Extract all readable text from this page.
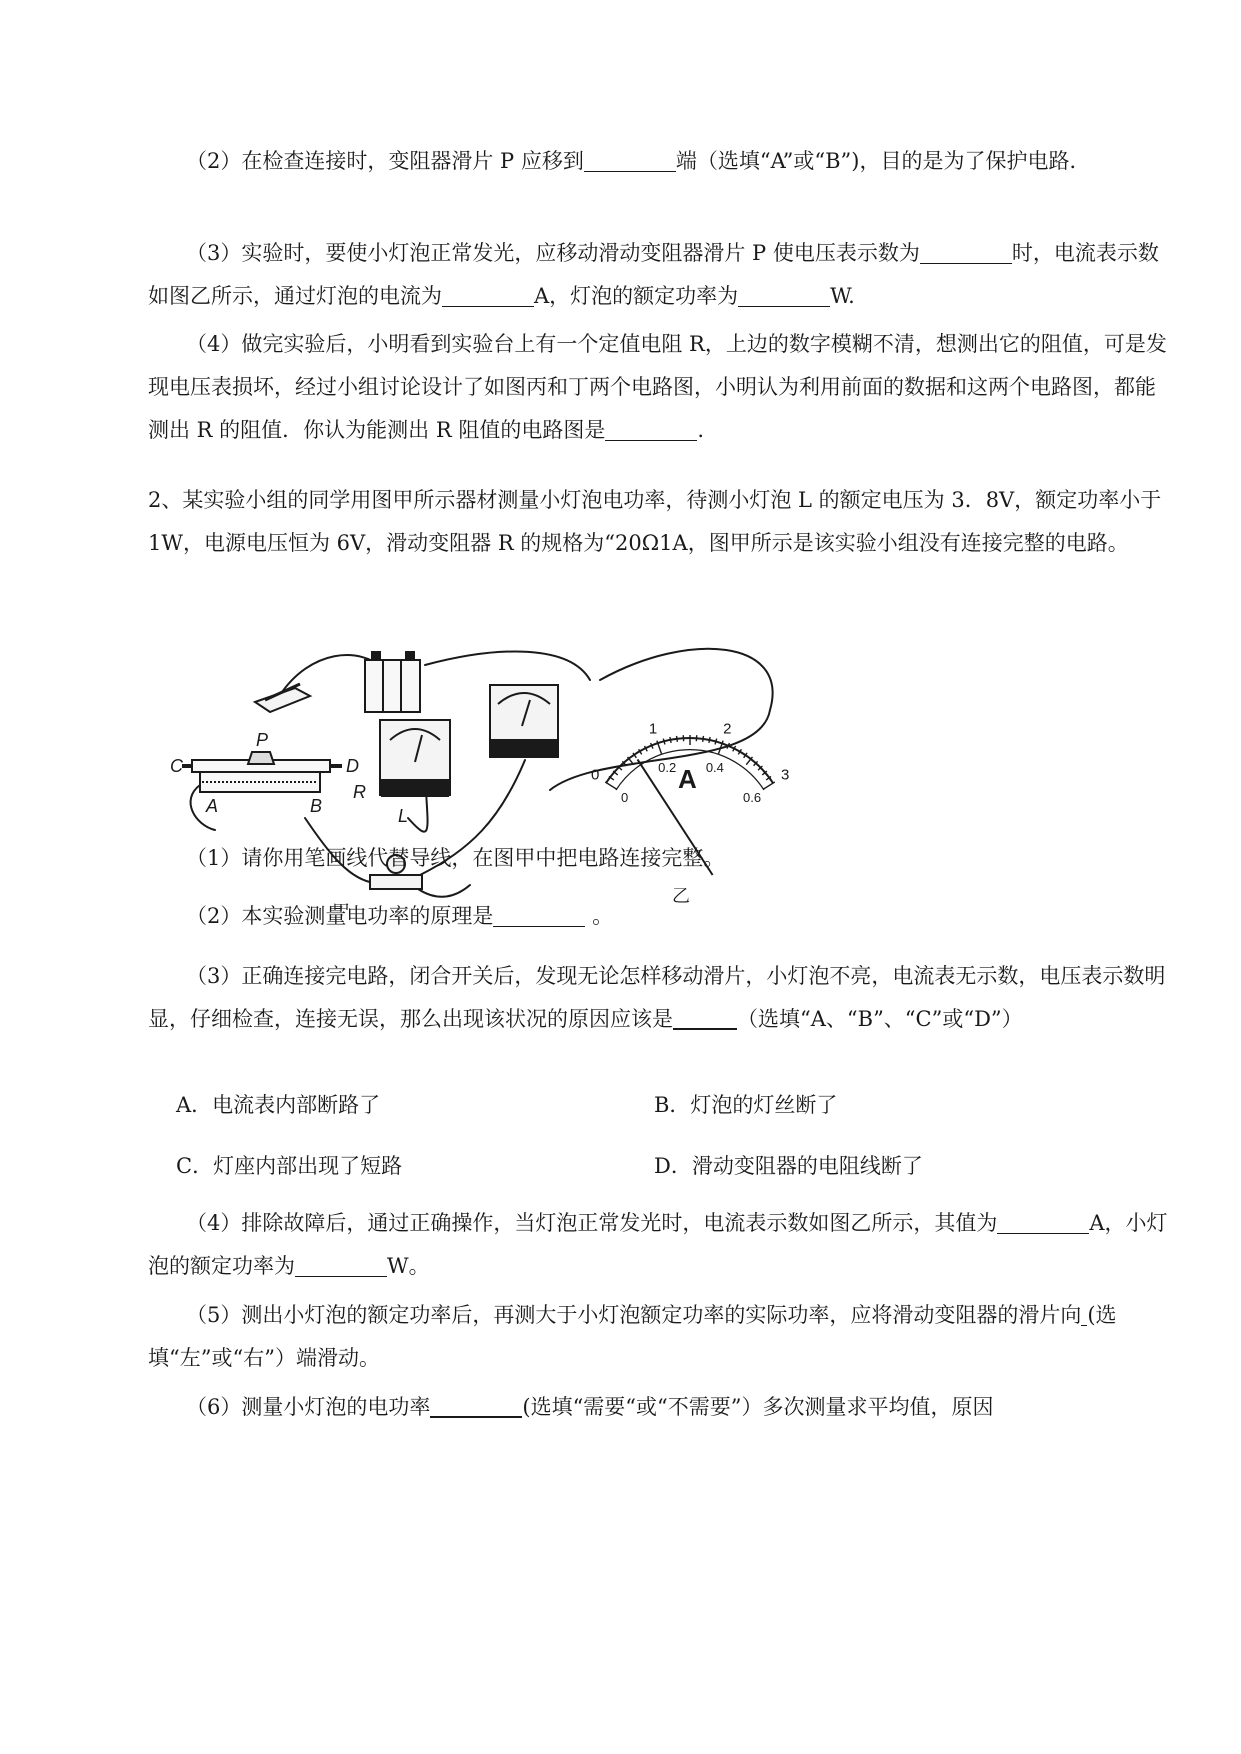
（2）在检查连接时，变阻器滑片 P 应移到	端（选填“A”或“B”)，目的是为了保护电路．

（3）实验时，要使小灯泡正常发光，应移动滑动变阻器滑片 P 使电压表示数为	时，电流表示数如图乙所示，通过灯泡的电流为	A，灯泡的额定功率为	W.

（4）做完实验后，小明看到实验台上有一个定值电阻 R，上边的数字模糊不清，想测出它的阻值，可是发现电压表损坏，经过小组讨论设计了如图丙和丁两个电路图，小明认为利用前面的数据和这两个电路图，都能测出 R 的阻值．你认为能测出 R 阻值的电路图是	.

2、某实验小组的同学用图甲所示器材测量小灯泡电功率，待测小灯泡 L 的额定电压为 3．8V，额定功率小于 1W，电源电压恒为 6V，滑动变阻器 R 的规格为“20Ω1A，图甲所示是该实验小组没有连接完整的电路。

C	D
A	B
P
R
L
0
1	2
3
0
0.2 0.4
0.6
A
乙

（1）请你用笔画线代替导线，在图甲中把电路连接完整。

（2）本实验测量电功率的原理是	。

（3）正确连接完电路，闭合开关后，发现无论怎样移动滑片，小灯泡不亮，电流表无示数，电压表示数明显，仔细检查，连接无误，那么出现该状况的原因应该是	（选填“A、“B”、“C”或“D”）

A．电流表内部断路了	B．灯泡的灯丝断了
C．灯座内部出现了短路	D．滑动变阻器的电阻线断了

（4）排除故障后，通过正确操作，当灯泡正常发光时，电流表示数如图乙所示，其值为	A，小灯泡的额定功率为	W。

（5）测出小灯泡的额定功率后，再测大于小灯泡额定功率的实际功率，应将滑动变阻器的滑片向 (选填“左”或“右”）端滑动。

（6）测量小灯泡的电功率	(选填“需要“或“不需要”）多次测量求平均值，原因
